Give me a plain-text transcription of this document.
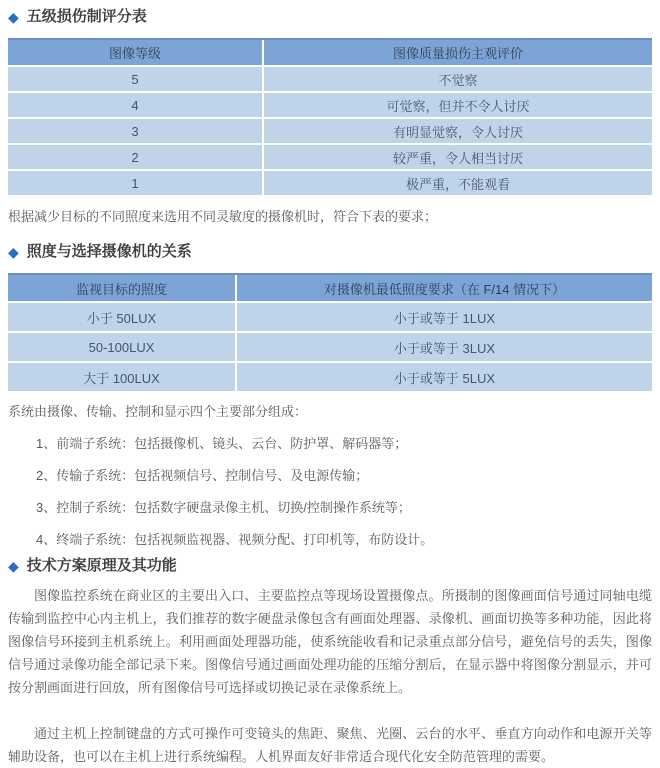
◆ 五级损伤制评分表
图像等级	图像质量损伤主观评价
5	不觉察
4	可觉察，但并不令人讨厌
3	有明显觉察，令人讨厌
2	较严重，令人相当讨厌
1	极严重，不能观看

根据减少目标的不同照度来选用不同灵敏度的摄像机时，符合下表的要求；

◆ 照度与选择摄像机的关系
监视目标的照度	对摄像机最低照度要求（在 F/14 情况下）
小于 50LUX	小于或等于 1LUX
50-100LUX	小于或等于 3LUX
大于 100LUX	小于或等于 5LUX

系统由摄像、传输、控制和显示四个主要部分组成：

1、前端子系统：包括摄像机、镜头、云台、防护罩、解码器等；
2、传输子系统：包括视频信号、控制信号、及电源传输；
3、控制子系统：包括数字硬盘录像主机、切换/控制操作系统等；
4、终端子系统：包括视频监视器、视频分配、打印机等，布防设计。
◆ 技术方案原理及其功能

图像监控系统在商业区的主要出入口、主要监控点等现场设置摄像点。所摄制的图像画面信号通过同轴电缆传输到监控中心内主机上，我们推荐的数字硬盘录像包含有画面处理器、录像机、画面切换等多种功能，因此将图像信号环接到主机系统上。利用画面处理器功能，使系统能收看和记录重点部分信号，避免信号的丢失，图像信号通过录像功能全部记录下来。图像信号通过画面处理功能的压缩分割后，在显示器中将图像分割显示，并可按分割画面进行回放，所有图像信号可选择或切换记录在录像系统上。

通过主机上控制键盘的方式可操作可变镜头的焦距、聚焦、光圈、云台的水平、垂直方向动作和电源开关等辅助设备，也可以在主机上进行系统编程。人机界面友好非常适合现代化安全防范管理的需要。
